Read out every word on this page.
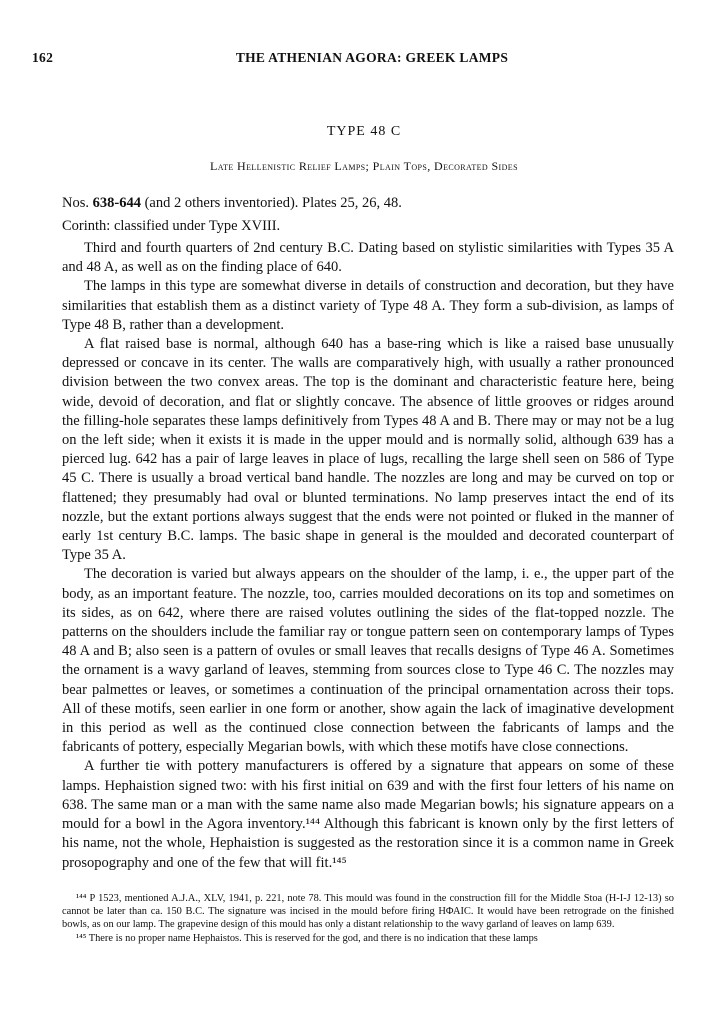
162	THE ATHENIAN AGORA: GREEK LAMPS
TYPE 48 C
Late Hellenistic Relief Lamps; Plain Tops, Decorated Sides
Nos. 638-644 (and 2 others inventoried). Plates 25, 26, 48.
Corinth: classified under Type XVIII.

Third and fourth quarters of 2nd century B.C. Dating based on stylistic similarities with Types 35 A and 48 A, as well as on the finding place of 640.

The lamps in this type are somewhat diverse in details of construction and decoration, but they have similarities that establish them as a distinct variety of Type 48 A. They form a sub-division, as lamps of Type 48 B, rather than a development.

A flat raised base is normal, although 640 has a base-ring which is like a raised base unusually depressed or concave in its center. The walls are comparatively high, with usually a rather pronounced division between the two convex areas. The top is the dominant and characteristic feature here, being wide, devoid of decoration, and flat or slightly concave. The absence of little grooves or ridges around the filling-hole separates these lamps definitively from Types 48 A and B. There may or may not be a lug on the left side; when it exists it is made in the upper mould and is normally solid, although 639 has a pierced lug. 642 has a pair of large leaves in place of lugs, recalling the large shell seen on 586 of Type 45 C. There is usually a broad vertical band handle. The nozzles are long and may be curved on top or flattened; they presumably had oval or blunted terminations. No lamp preserves intact the end of its nozzle, but the extant portions always suggest that the ends were not pointed or fluked in the manner of early 1st century B.C. lamps. The basic shape in general is the moulded and decorated counterpart of Type 35 A.

The decoration is varied but always appears on the shoulder of the lamp, i. e., the upper part of the body, as an important feature. The nozzle, too, carries moulded decorations on its top and sometimes on its sides, as on 642, where there are raised volutes outlining the sides of the flat-topped nozzle. The patterns on the shoulders include the familiar ray or tongue pattern seen on contemporary lamps of Types 48 A and B; also seen is a pattern of ovules or small leaves that recalls designs of Type 46 A. Sometimes the ornament is a wavy garland of leaves, stemming from sources close to Type 46 C. The nozzles may bear palmettes or leaves, or sometimes a continuation of the principal ornamentation across their tops. All of these motifs, seen earlier in one form or another, show again the lack of imaginative development in this period as well as the continued close connection between the fabricants of lamps and the fabricants of pottery, especially Megarian bowls, with which these motifs have close connections.

A further tie with pottery manufacturers is offered by a signature that appears on some of these lamps. Hephaistion signed two: with his first initial on 639 and with the first four letters of his name on 638. The same man or a man with the same name also made Megarian bowls; his signature appears on a mould for a bowl in the Agora inventory.¹⁴⁴ Although this fabricant is known only by the first letters of his name, not the whole, Hephaistion is suggested as the restoration since it is a common name in Greek prosopography and one of the few that will fit.¹⁴⁵

¹⁴⁴ P 1523, mentioned A.J.A., XLV, 1941, p. 221, note 78. This mould was found in the construction fill for the Middle Stoa (H-I-J 12-13) so cannot be later than ca. 150 B.C. The signature was incised in the mould before firing ΗΦΑΙϹ. It would have been retrograde on the finished bowls, as on our lamp. The grapevine design of this mould has only a distant relationship to the wavy garland of leaves on lamp 639.

¹⁴⁵ There is no proper name Hephaistos. This is reserved for the god, and there is no indication that these lamps
